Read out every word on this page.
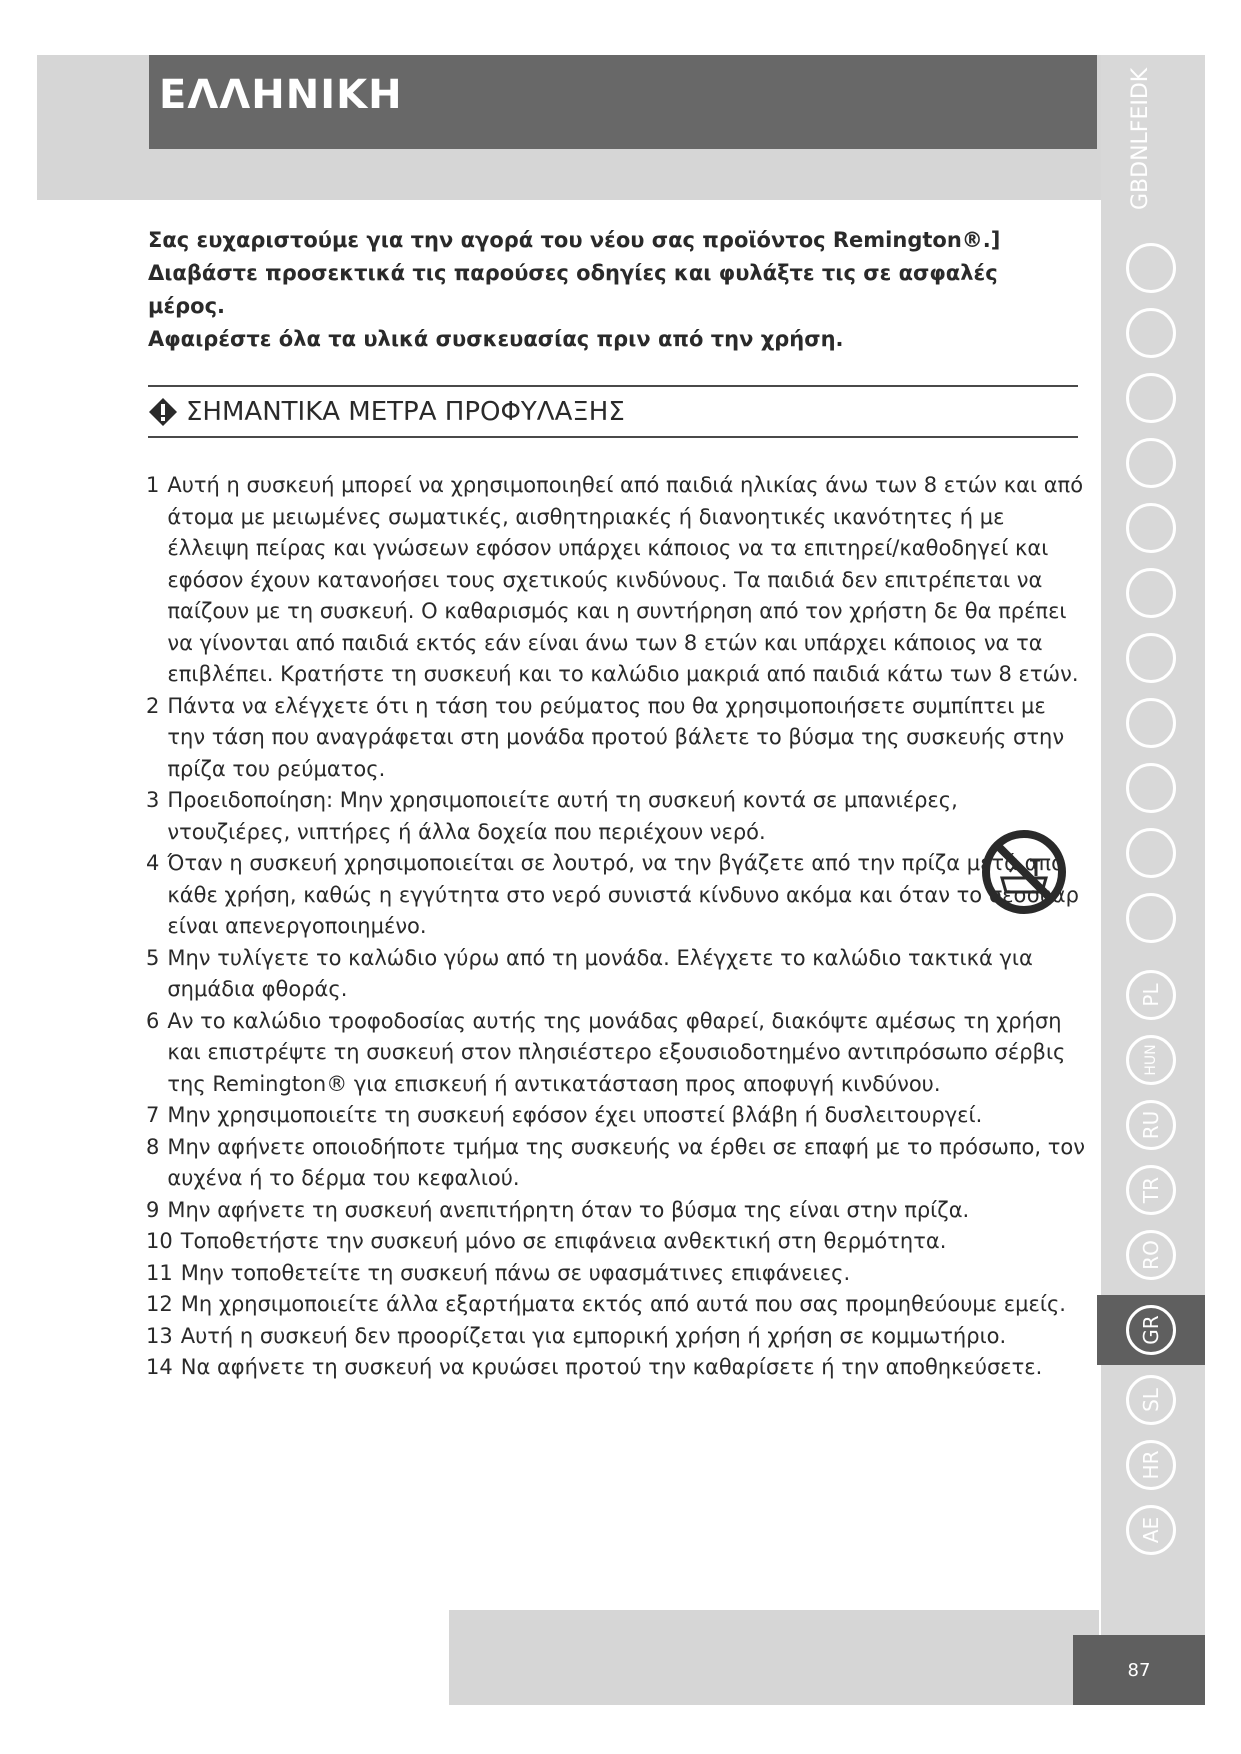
ΕΛΛΗΝΙΚΗ	GBDNLFEIDK
PL
HUN
RU
TR
RO
GR
SL
HR
AE
87

Σας ευχαριστούμε για την αγορά του νέου σας προϊόντος Remington®.]

Διαβάστε προσεκτικά τις παρούσες οδηγίες και φυλάξτε τις σε ασφαλές

μέρος.

Αφαιρέστε όλα τα υλικά συσκευασίας πριν από την χρήση.

ΣΗΜΑΝΤΙΚΑ ΜΕΤΡΑ ΠΡΟΦΥΛΑΞΗΣ
1 Αυτή η συσκευή μπορεί να χρησιμοποιηθεί από παιδιά ηλικίας άνω των 8 ετών και από άτομα με μειωμένες σωματικές, αισθητηριακές ή διανοητικές ικανότητες ή με έλλειψη πείρας και γνώσεων εφόσον υπάρχει κάποιος να τα επιτηρεί/καθοδηγεί και εφόσον έχουν κατανοήσει τους σχετικούς κινδύνους. Τα παιδιά δεν επιτρέπεται να παίζουν με τη συσκευή. Ο καθαρισμός και η συντήρηση από τον χρήστη δε θα πρέπει να γίνονται από παιδιά εκτός εάν είναι άνω των 8 ετών και υπάρχει κάποιος να τα επιβλέπει. Κρατήστε τη συσκευή και το καλώδιο μακριά από παιδιά κάτω των 8 ετών.
2 Πάντα να ελέγχετε ότι η τάση του ρεύματος που θα χρησιμοποιήσετε συμπίπτει με την τάση που αναγράφεται στη μονάδα προτού βάλετε το βύσμα της συσκευής στην πρίζα του ρεύματος.
3 Προειδοποίηση: Μην χρησιμοποιείτε αυτή τη συσκευή κοντά σε μπανιέρες, ντουζιέρες, νιπτήρες ή άλλα δοχεία που περιέχουν νερό.
4 Όταν η συσκευή χρησιμοποιείται σε λουτρό, να την βγάζετε από την πρίζα μετά από κάθε χρήση, καθώς η εγγύτητα στο νερό συνιστά κίνδυνο ακόμα και όταν το σεσουάρ είναι απενεργοποιημένο.
5 Μην τυλίγετε το καλώδιο γύρω από τη μονάδα. Ελέγχετε το καλώδιο τακτικά για σημάδια φθοράς.
6 Αν το καλώδιο τροφοδοσίας αυτής της μονάδας φθαρεί, διακόψτε αμέσως τη χρήση και επιστρέψτε τη συσκευή στον πλησιέστερο εξουσιοδοτημένο αντιπρόσωπο σέρβις της Remington® για επισκευή ή αντικατάσταση προς αποφυγή κινδύνου.
7 Μην χρησιμοποιείτε τη συσκευή εφόσον έχει υποστεί βλάβη ή δυσλειτουργεί.
8 Μην αφήνετε οποιοδήποτε τμήμα της συσκευής να έρθει σε επαφή με το πρόσωπο, τον αυχένα ή το δέρμα του κεφαλιού.
9 Μην αφήνετε τη συσκευή ανεπιτήρητη όταν το βύσμα της είναι στην πρίζα.
10 Τοποθετήστε την συσκευή μόνο σε επιφάνεια ανθεκτική στη θερμότητα.
11 Μην τοποθετείτε τη συσκευή πάνω σε υφασμάτινες επιφάνειες.
12 Μη χρησιμοποιείτε άλλα εξαρτήματα εκτός από αυτά που σας προμηθεύουμε εμείς.
13 Αυτή η συσκευή δεν προορίζεται για εμπορική χρήση ή χρήση σε κομμωτήριο.
14 Να αφήνετε τη συσκευή να κρυώσει προτού την καθαρίσετε ή την αποθηκεύσετε.
